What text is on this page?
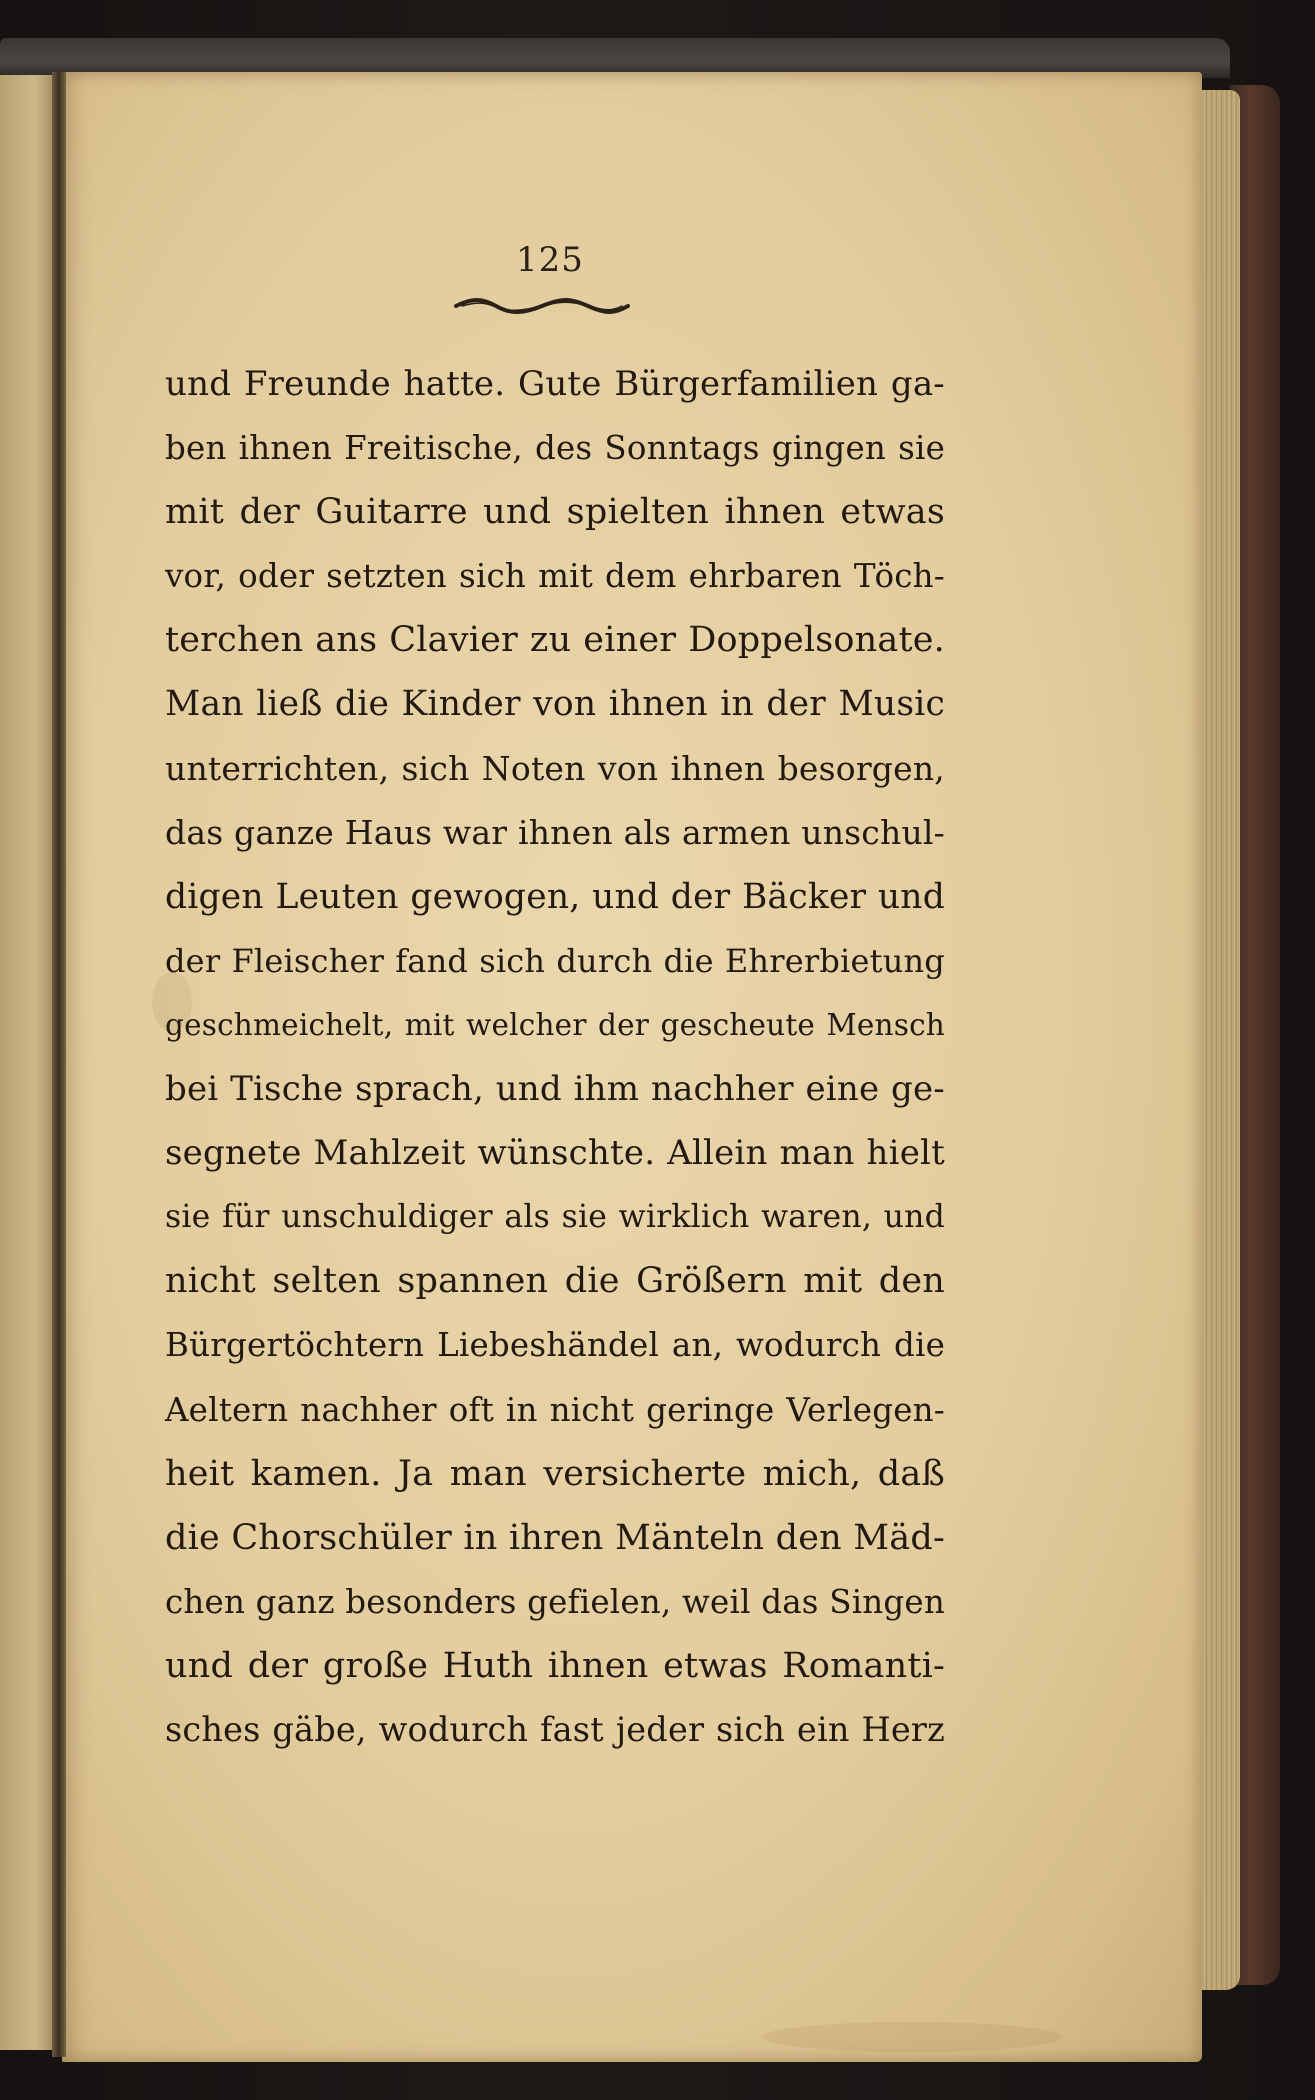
125
und Freunde hatte. Gute Bürgerfamilien ga-
ben ihnen Freitische, des Sonntags gingen sie
mit der Guitarre und spielten ihnen etwas
vor, oder setzten sich mit dem ehrbaren Töch-
terchen ans Clavier zu einer Doppelsonate.
Man ließ die Kinder von ihnen in der Music
unterrichten, sich Noten von ihnen besorgen,
das ganze Haus war ihnen als armen unschul-
digen Leuten gewogen, und der Bäcker und
der Fleischer fand sich durch die Ehrerbietung
geschmeichelt, mit welcher der gescheute Mensch
bei Tische sprach, und ihm nachher eine ge-
segnete Mahlzeit wünschte. Allein man hielt
sie für unschuldiger als sie wirklich waren, und
nicht selten spannen die Größern mit den
Bürgertöchtern Liebeshändel an, wodurch die
Aeltern nachher oft in nicht geringe Verlegen-
heit kamen. Ja man versicherte mich, daß
die Chorschüler in ihren Mänteln den Mäd-
chen ganz besonders gefielen, weil das Singen
und der große Huth ihnen etwas Romanti-
sches gäbe, wodurch fast jeder sich ein Herz
